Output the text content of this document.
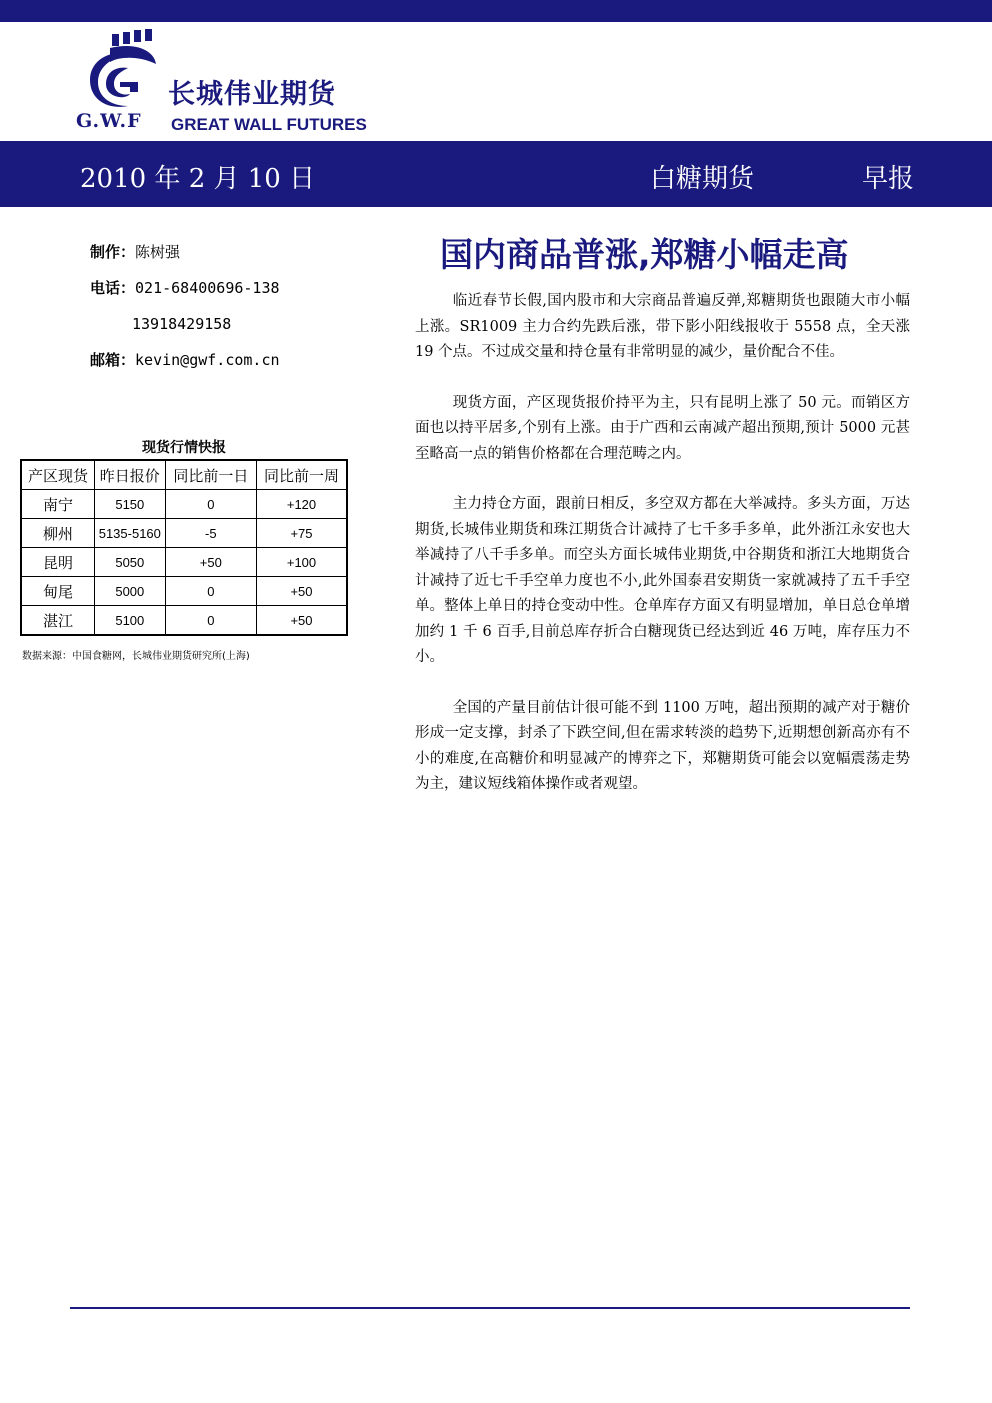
G.W.F
长城伟业期货
GREAT WALL FUTURES
2010 年 2 月 10 日	白糖期货	早报
制作：陈树强
电话：021-68400696-138
13918429158
邮箱：kevin@gwf.com.cn
现货行情快报
产区现货	昨日报价	同比前一日	同比前一周
南宁	5150	0	+120
柳州	5135-5160	-5	+75
昆明	5050	+50	+100
甸尾	5000	0	+50
湛江	5100	0	+50
数据来源：中国食糖网，长城伟业期货研究所(上海)
国内商品普涨,郑糖小幅走高

临近春节长假,国内股市和大宗商品普遍反弹,郑糖期货也跟随大市小幅上涨。SR1009 主力合约先跌后涨，带下影小阳线报收于 5558 点，全天涨 19 个点。不过成交量和持仓量有非常明显的减少，量价配合不佳。

现货方面，产区现货报价持平为主，只有昆明上涨了 50 元。而销区方面也以持平居多,个别有上涨。由于广西和云南减产超出预期,预计 5000 元甚至略高一点的销售价格都在合理范畴之内。

主力持仓方面，跟前日相反，多空双方都在大举减持。多头方面，万达期货,长城伟业期货和珠江期货合计减持了七千多手多单，此外浙江永安也大举减持了八千手多单。而空头方面长城伟业期货,中谷期货和浙江大地期货合计减持了近七千手空单力度也不小,此外国泰君安期货一家就减持了五千手空单。整体上单日的持仓变动中性。仓单库存方面又有明显增加，单日总仓单增加约 1 千 6 百手,目前总库存折合白糖现货已经达到近 46 万吨，库存压力不小。

全国的产量目前估计很可能不到 1100 万吨，超出预期的减产对于糖价形成一定支撑，封杀了下跌空间,但在需求转淡的趋势下,近期想创新高亦有不小的难度,在高糖价和明显减产的博弈之下，郑糖期货可能会以宽幅震荡走势为主，建议短线箱体操作或者观望。
